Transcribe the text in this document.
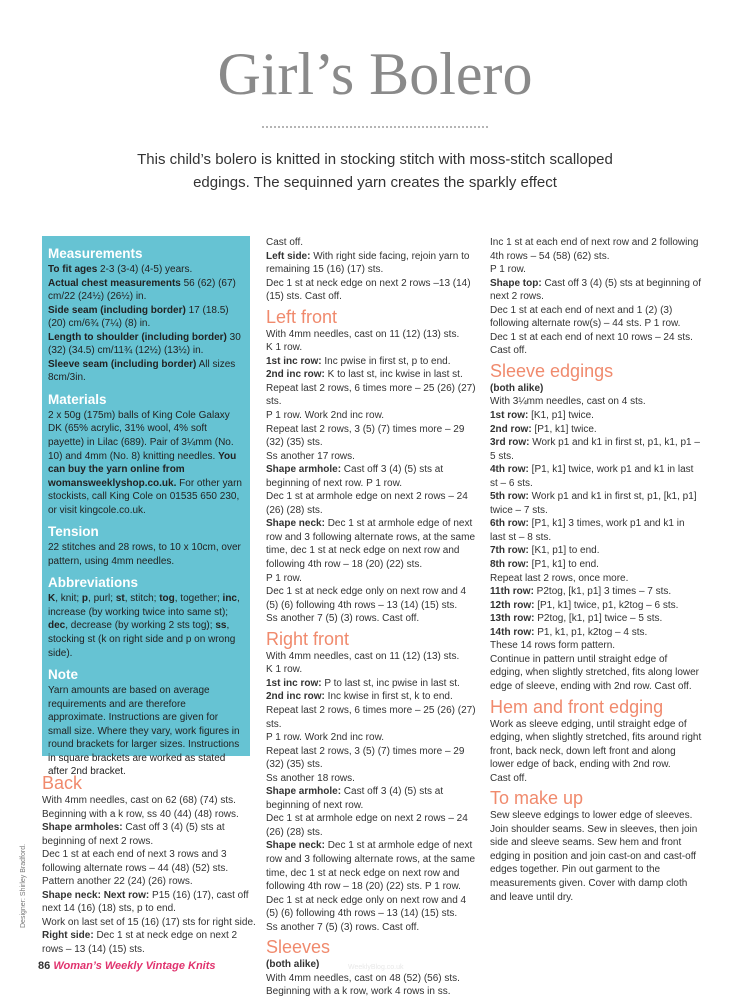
Girl’s Bolero
This child’s bolero is knitted in stocking stitch with moss-stitch scalloped edgings. The sequinned yarn creates the sparkly effect
Measurements

To fit ages 2-3 (3-4) (4-5) years.

Actual chest measurements 56 (62) (67) cm/22 (24½) (26½) in.

Side seam (including border) 17 (18.5) (20) cm/6¾ (7¼) (8) in.

Length to shoulder (including border) 30 (32) (34.5) cm/11¾ (12½) (13½) in.

Sleeve seam (including border) All sizes 8cm/3in.

Materials

2 x 50g (175m) balls of King Cole Galaxy DK (65% acrylic, 31% wool, 4% soft payette) in Lilac (689). Pair of 3¼mm (No. 10) and 4mm (No. 8) knitting needles. You can buy the yarn online from womansweeklyshop.co.uk. For other yarn stockists, call King Cole on 01535 650 230, or visit kingcole.co.uk.

Tension

22 stitches and 28 rows, to 10 x 10cm, over pattern, using 4mm needles.

Abbreviations

K, knit; p, purl; st, stitch; tog, together; inc, increase (by working twice into same st); dec, decrease (by working 2 sts tog); ss, stocking st (k on right side and p on wrong side).

Note

Yarn amounts are based on average requirements and are therefore approximate. Instructions are given for small size. Where they vary, work figures in round brackets for larger sizes. Instructions in square brackets are worked as stated after 2nd bracket.

Back

With 4mm needles, cast on 62 (68) (74) sts.

Beginning with a k row, ss 40 (44) (48) rows.

Shape armholes: Cast off 3 (4) (5) sts at beginning of next 2 rows.

Dec 1 st at each end of next 3 rows and 3 following alternate rows – 44 (48) (52) sts.

Pattern another 22 (24) (26) rows.

Shape neck: Next row: P15 (16) (17), cast off next 14 (16) (18) sts, p to end.

Work on last set of 15 (16) (17) sts for right side.

Right side: Dec 1 st at neck edge on next 2 rows – 13 (14) (15) sts.

Cast off.

Left side: With right side facing, rejoin yarn to remaining 15 (16) (17) sts.

Dec 1 st at neck edge on next 2 rows –13 (14) (15) sts. Cast off.

Left front

With 4mm needles, cast on 11 (12) (13) sts.

K 1 row.

1st inc row: Inc pwise in first st, p to end.

2nd inc row: K to last st, inc kwise in last st.

Repeat last 2 rows, 6 times more – 25 (26) (27) sts.

P 1 row. Work 2nd inc row.

Repeat last 2 rows, 3 (5) (7) times more – 29 (32) (35) sts.

Ss another 17 rows.

Shape armhole: Cast off 3 (4) (5) sts at beginning of next row. P 1 row.

Dec 1 st at armhole edge on next 2 rows – 24 (26) (28) sts.

Shape neck: Dec 1 st at armhole edge of next row and 3 following alternate rows, at the same time, dec 1 st at neck edge on next row and following 4th row – 18 (20) (22) sts.

P 1 row.

Dec 1 st at neck edge only on next row and 4 (5) (6) following 4th rows – 13 (14) (15) sts.

Ss another 7 (5) (3) rows. Cast off.

Right front

With 4mm needles, cast on 11 (12) (13) sts.

K 1 row.

1st inc row: P to last st, inc pwise in last st.

2nd inc row: Inc kwise in first st, k to end.

Repeat last 2 rows, 6 times more – 25 (26) (27) sts.

P 1 row. Work 2nd inc row.

Repeat last 2 rows, 3 (5) (7) times more – 29 (32) (35) sts.

Ss another 18 rows.

Shape armhole: Cast off 3 (4) (5) sts at beginning of next row.

Dec 1 st at armhole edge on next 2 rows – 24 (26) (28) sts.

Shape neck: Dec 1 st at armhole edge of next row and 3 following alternate rows, at the same time, dec 1 st at neck edge on next row and following 4th row – 18 (20) (22) sts. P 1 row.

Dec 1 st at neck edge only on next row and 4 (5) (6) following 4th rows – 13 (14) (15) sts.

Ss another 7 (5) (3) rows. Cast off.

Sleeves

(both alike)

With 4mm needles, cast on 48 (52) (56) sts.

Beginning with a k row, work 4 rows in ss.

Inc 1 st at each end of next row and 2 following 4th rows – 54 (58) (62) sts.

P 1 row.

Shape top: Cast off 3 (4) (5) sts at beginning of next 2 rows.

Dec 1 st at each end of next and 1 (2) (3) following alternate row(s) – 44 sts. P 1 row.

Dec 1 st at each end of next 10 rows – 24 sts.

Cast off.

Sleeve edgings

(both alike)

With 3¼mm needles, cast on 4 sts.

1st row: [K1, p1] twice.

2nd row: [P1, k1] twice.

3rd row: Work p1 and k1 in first st, p1, k1, p1 – 5 sts.

4th row: [P1, k1] twice, work p1 and k1 in last st – 6 sts.

5th row: Work p1 and k1 in first st, p1, [k1, p1] twice – 7 sts.

6th row: [P1, k1] 3 times, work p1 and k1 in last st – 8 sts.

7th row: [K1, p1] to end.

8th row: [P1, k1] to end.

Repeat last 2 rows, once more.

11th row: P2tog, [k1, p1] 3 times – 7 sts.

12th row: [P1, k1] twice, p1, k2tog – 6 sts.

13th row: P2tog, [k1, p1] twice – 5 sts.

14th row: P1, k1, p1, k2tog – 4 sts.

These 14 rows form pattern.

Continue in pattern until straight edge of edging, when slightly stretched, fits along lower edge of sleeve, ending with 2nd row. Cast off.

Hem and front edging

Work as sleeve edging, until straight edge of edging, when slightly stretched, fits around right front, back neck, down left front and along lower edge of back, ending with 2nd row.

Cast off.

To make up

Sew sleeve edgings to lower edge of sleeves. Join shoulder seams. Sew in sleeves, then join side and sleeve seams. Sew hem and front edging in position and join cast-on and cast-off edges together. Pin out garment to the measurements given. Cover with damp cloth and leave until dry.

Designer: Shirley Bradford.
WeeklyBlog.co.uk
86 Woman’s Weekly Vintage Knits
